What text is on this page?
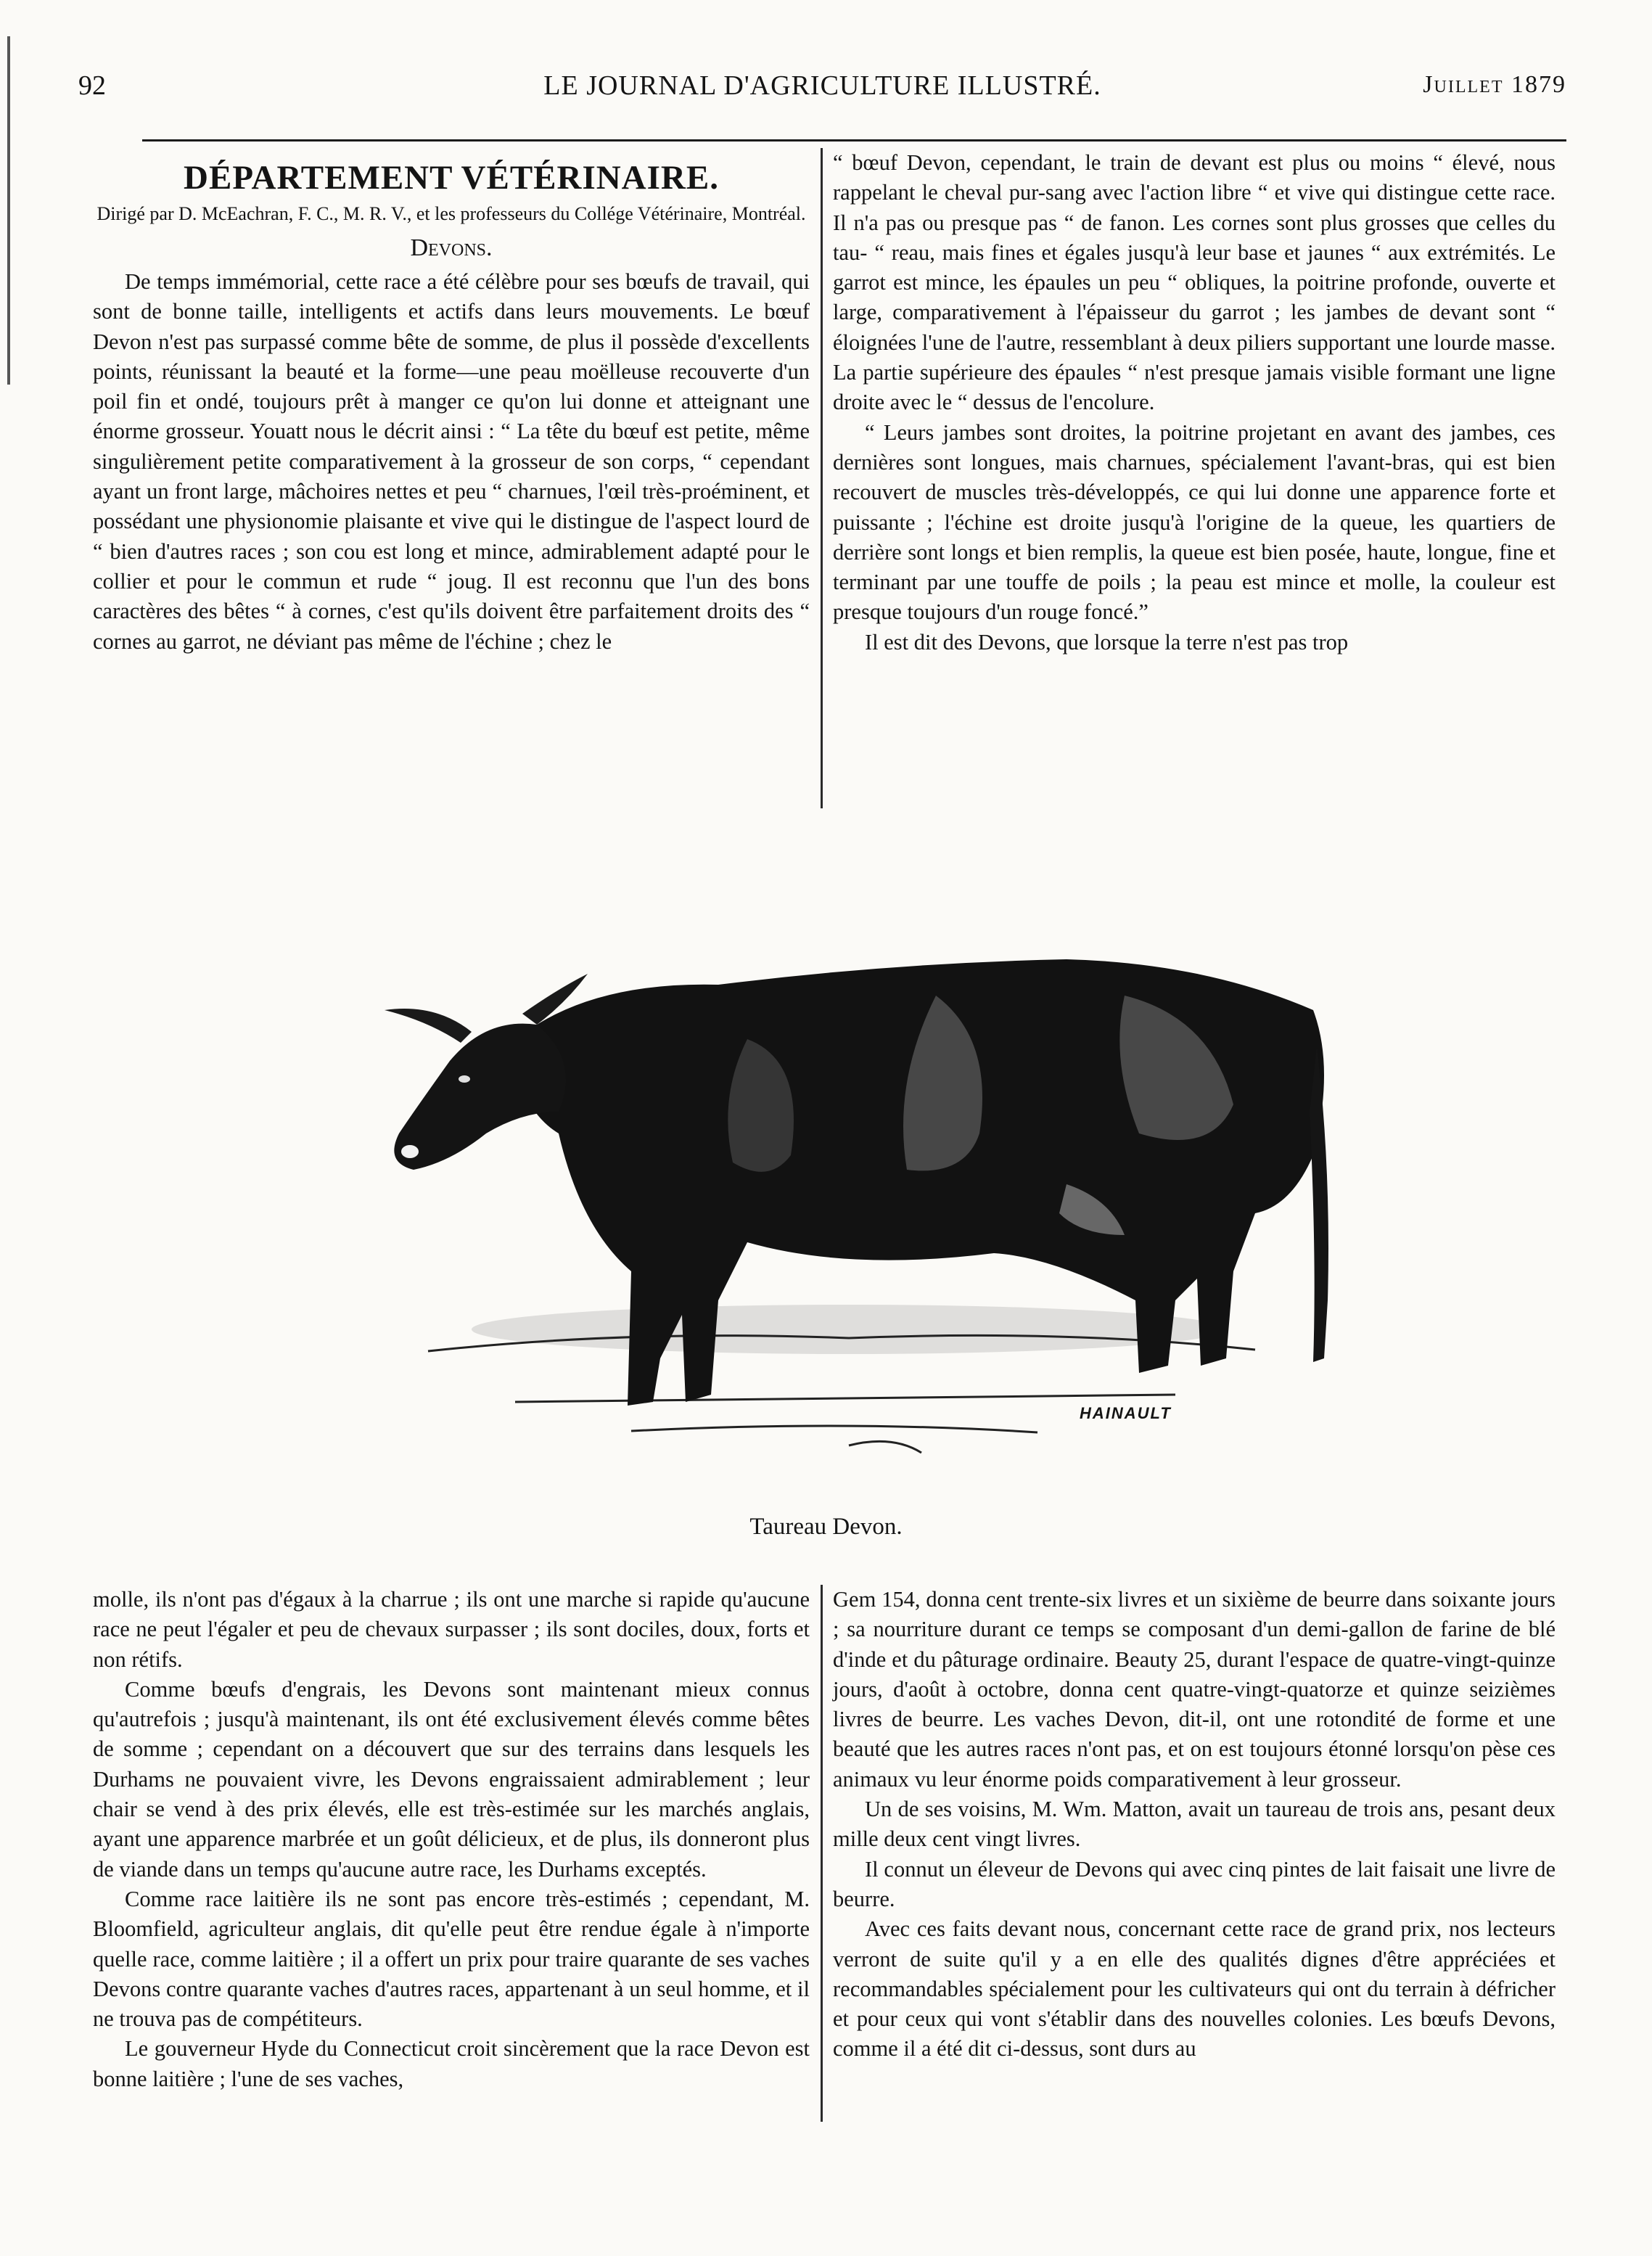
92	LE JOURNAL D'AGRICULTURE ILLUSTRÉ.	Juillet 1879
DÉPARTEMENT VÉTÉRINAIRE.
Dirigé par D. McEachran, F. C., M. R. V., et les professeurs du Collége Vétérinaire, Montréal.
Devons.

De temps immémorial, cette race a été célèbre pour ses bœufs de travail, qui sont de bonne taille, intelligents et actifs dans leurs mouvements. Le bœuf Devon n'est pas surpassé comme bête de somme, de plus il possède d'excellents points, réunissant la beauté et la forme—une peau moëlleuse recouverte d'un poil fin et ondé, toujours prêt à manger ce qu'on lui donne et atteignant une énorme grosseur. Youatt nous le décrit ainsi : “ La tête du bœuf est petite, même singulièrement petite comparativement à la grosseur de son corps, “ cependant ayant un front large, mâchoires nettes et peu “ charnues, l'œil très-proéminent, et possédant une physionomie plaisante et vive qui le distingue de l'aspect lourd de “ bien d'autres races ; son cou est long et mince, admirablement adapté pour le collier et pour le commun et rude “ joug. Il est reconnu que l'un des bons caractères des bêtes “ à cornes, c'est qu'ils doivent être parfaitement droits des “ cornes au garrot, ne déviant pas même de l'échine ; chez le

“ bœuf Devon, cependant, le train de devant est plus ou moins “ élevé, nous rappelant le cheval pur-sang avec l'action libre “ et vive qui distingue cette race. Il n'a pas ou presque pas “ de fanon. Les cornes sont plus grosses que celles du tau- “ reau, mais fines et égales jusqu'à leur base et jaunes “ aux extrémités. Le garrot est mince, les épaules un peu “ obliques, la poitrine profonde, ouverte et large, comparativement à l'épaisseur du garrot ; les jambes de devant sont “ éloignées l'une de l'autre, ressemblant à deux piliers supportant une lourde masse. La partie supérieure des épaules “ n'est presque jamais visible formant une ligne droite avec le “ dessus de l'encolure.

“ Leurs jambes sont droites, la poitrine projetant en avant des jambes, ces dernières sont longues, mais charnues, spécialement l'avant-bras, qui est bien recouvert de muscles très-développés, ce qui lui donne une apparence forte et puissante ; l'échine est droite jusqu'à l'origine de la queue, les quartiers de derrière sont longs et bien remplis, la queue est bien posée, haute, longue, fine et terminant par une touffe de poils ; la peau est mince et molle, la couleur est presque toujours d'un rouge foncé.”

Il est dit des Devons, que lorsque la terre n'est pas trop

HAINAULT
Taureau Devon.

molle, ils n'ont pas d'égaux à la charrue ; ils ont une marche si rapide qu'aucune race ne peut l'égaler et peu de chevaux surpasser ; ils sont dociles, doux, forts et non rétifs.

Comme bœufs d'engrais, les Devons sont maintenant mieux connus qu'autrefois ; jusqu'à maintenant, ils ont été exclusivement élevés comme bêtes de somme ; cependant on a découvert que sur des terrains dans lesquels les Durhams ne pouvaient vivre, les Devons engraissaient admirablement ; leur chair se vend à des prix élevés, elle est très-estimée sur les marchés anglais, ayant une apparence marbrée et un goût délicieux, et de plus, ils donneront plus de viande dans un temps qu'aucune autre race, les Durhams exceptés.

Comme race laitière ils ne sont pas encore très-estimés ; cependant, M. Bloomfield, agriculteur anglais, dit qu'elle peut être rendue égale à n'importe quelle race, comme laitière ; il a offert un prix pour traire quarante de ses vaches Devons contre quarante vaches d'autres races, appartenant à un seul homme, et il ne trouva pas de compétiteurs.

Le gouverneur Hyde du Connecticut croit sincèrement que la race Devon est bonne laitière ; l'une de ses vaches,

Gem 154, donna cent trente-six livres et un sixième de beurre dans soixante jours ; sa nourriture durant ce temps se composant d'un demi-gallon de farine de blé d'inde et du pâturage ordinaire. Beauty 25, durant l'espace de quatre-vingt-quinze jours, d'août à octobre, donna cent quatre-vingt-quatorze et quinze seizièmes livres de beurre. Les vaches Devon, dit-il, ont une rotondité de forme et une beauté que les autres races n'ont pas, et on est toujours étonné lorsqu'on pèse ces animaux vu leur énorme poids comparativement à leur grosseur.

Un de ses voisins, M. Wm. Matton, avait un taureau de trois ans, pesant deux mille deux cent vingt livres.

Il connut un éleveur de Devons qui avec cinq pintes de lait faisait une livre de beurre.

Avec ces faits devant nous, concernant cette race de grand prix, nos lecteurs verront de suite qu'il y a en elle des qualités dignes d'être appréciées et recommandables spécialement pour les cultivateurs qui ont du terrain à défricher et pour ceux qui vont s'établir dans des nouvelles colonies. Les bœufs Devons, comme il a été dit ci-dessus, sont durs au
